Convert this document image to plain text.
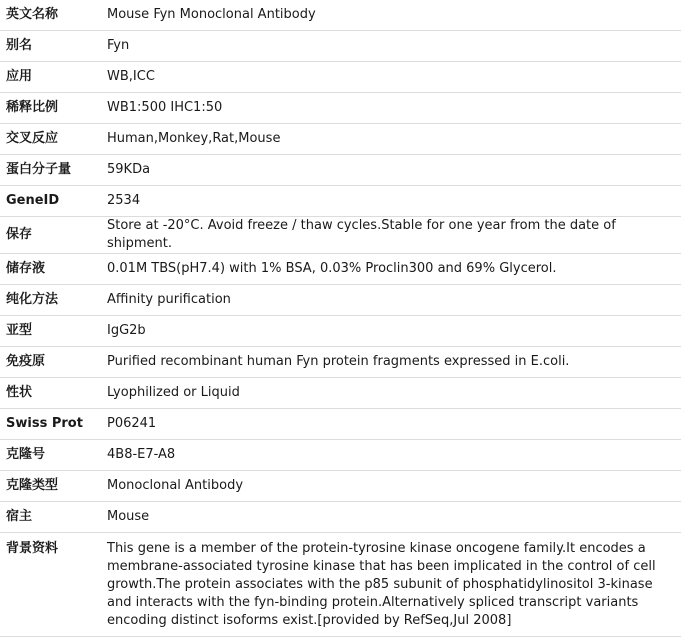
英文名称	Mouse Fyn Monoclonal Antibody
别名	Fyn
应用	WB,ICC
稀释比例	WB1:500 IHC1:50
交叉反应	Human,Monkey,Rat,Mouse
蛋白分子量	59KDa
GeneID	2534
保存	Store at -20°C. Avoid freeze / thaw cycles.Stable for one year from the date of shipment.
储存液	0.01M TBS(pH7.4) with 1% BSA, 0.03% Proclin300 and 69% Glycerol.
纯化方法	Affinity purification
亚型	IgG2b
免疫原	Purified recombinant human Fyn protein fragments expressed in E.coli.
性状	Lyophilized or Liquid
Swiss Prot	P06241
克隆号	4B8-E7-A8
克隆类型	Monoclonal Antibody
宿主	Mouse
背景资料	This gene is a member of the protein-tyrosine kinase oncogene family.It encodes a membrane-associated tyrosine kinase that has been implicated in the control of cell growth.The protein associates with the p85 subunit of phosphatidylinositol 3-kinase and interacts with the fyn-binding protein.Alternatively spliced transcript variants encoding distinct isoforms exist.[provided by RefSeq,Jul 2008]
